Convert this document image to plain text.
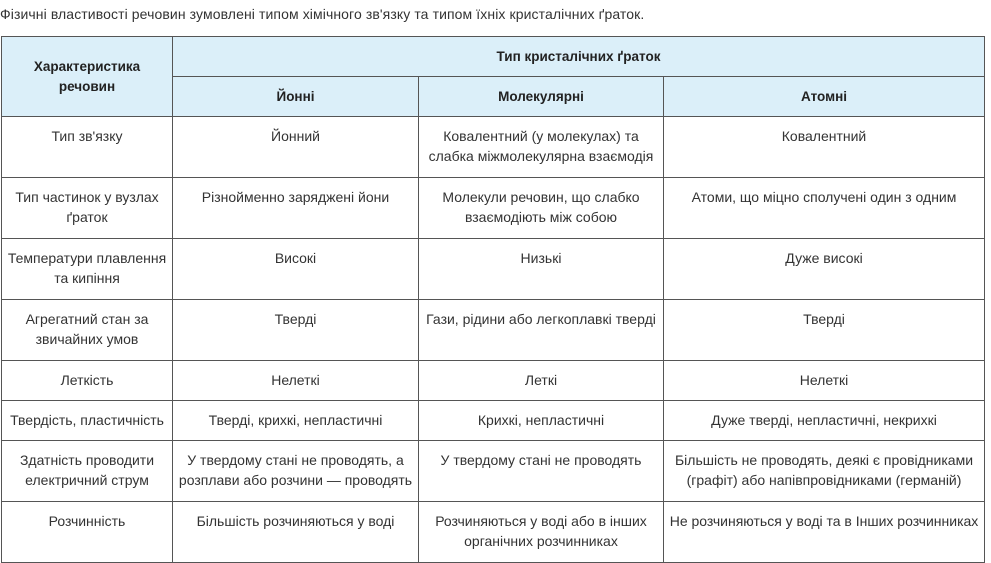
Фізичні властивості речовин зумовлені типом хімічного зв'язку та типом їхніх кристалічних ґраток.
Характеристика речовин	Тип кристалічних ґраток		
	Йонні	Молекулярні	Атомні
Тип зв'язку	Йонний	Ковалентний (у молекулах) та слабка міжмолекулярна взаємодія	Ковалентний
Тип частинок у вузлах ґраток	Різнойменно заряджені йони	Молекули речовин, що слабко взаємодіють між собою	Атоми, що міцно сполучені один з одним
Температури плавлення та кипіння	Високі	Низькі	Дуже високі
Агрегатний стан за звичайних умов	Тверді	Гази, рідини або легкоплавкі тверді	Тверді
Леткість	Нелеткі	Леткі	Нелеткі
Твердість, пластичність	Тверді, крихкі, непластичні	Крихкі, непластичні	Дуже тверді, непластичні, некрихкі
Здатність проводити електричний струм	У твердому стані не проводять, а розплави або розчини — проводять	У твердому стані не проводять	Більшість не проводять, деякі є провідниками (графіт) або напівпровідниками (германій)
Розчинність	Більшість розчиняються у воді	Розчиняються у воді або в інших органічних розчинниках	Не розчиняються у воді та в Інших розчинниках
